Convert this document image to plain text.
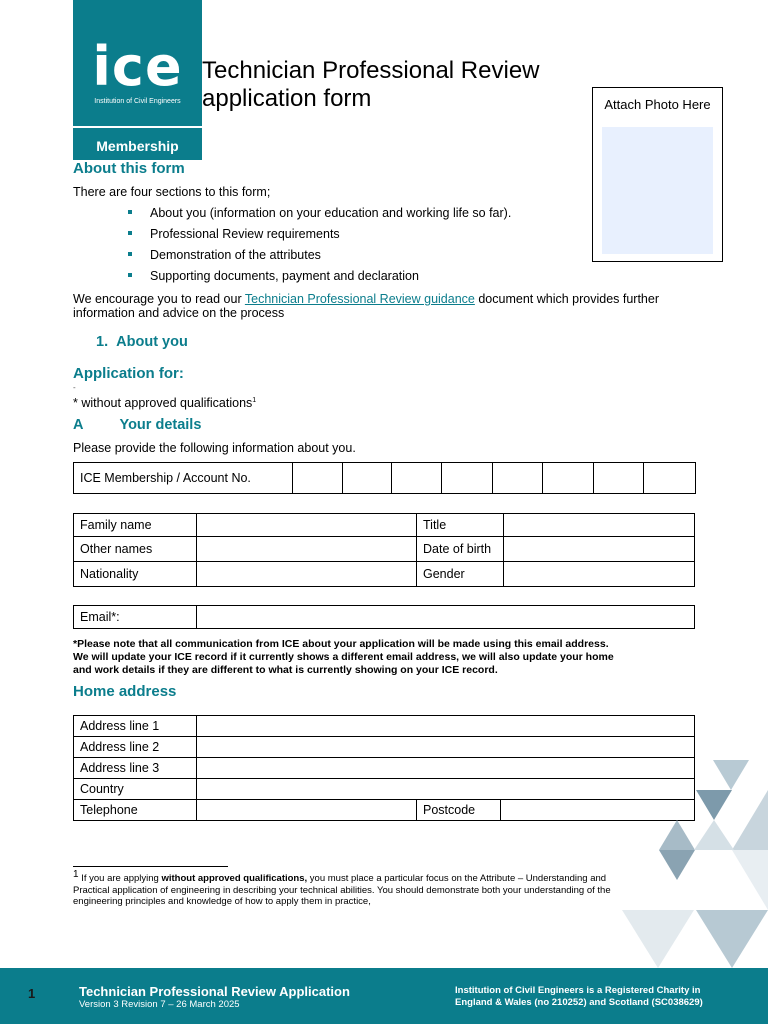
ice
Institution of Civil Engineers
Membership
Technician Professional Review
application form	Attach Photo Here
About this form
There are four sections to this form;
About you (information on your education and working life so far).
Professional Review requirements
Demonstration of the attributes
Supporting documents, payment and declaration
We encourage you to read our Technician Professional Review guidance document which provides further
information and advice on the process
1. About you
Application for:
-
* without approved qualifications$^1$
A Your details
Please provide the following information about you.
ICE Membership / Account No.								
Family name		Title	
Other names		Date of birth	
Nationality		Gender	
Email*:	
*Please note that all communication from ICE about your application will be made using this email address.
We will update your ICE record if it currently shows a different email address, we will also update your home
and work details if they are different to what is currently showing on your ICE record.
Home address
Address line 1			
Address line 2			
Address line 3			
Country			
Telephone		Postcode	
1 If you are applying without approved qualifications, you must place a particular focus on the Attribute – Understanding and
Practical application of engineering in describing your technical abilities. You should demonstrate both your understanding of the
engineering principles and knowledge of how to apply them in practice,
1	Technician Professional Review Application
Version 3 Revision 7 – 26 March 2025
Institution of Civil Engineers is a Registered Charity in
England & Wales (no 210252) and Scotland (SC038629)
